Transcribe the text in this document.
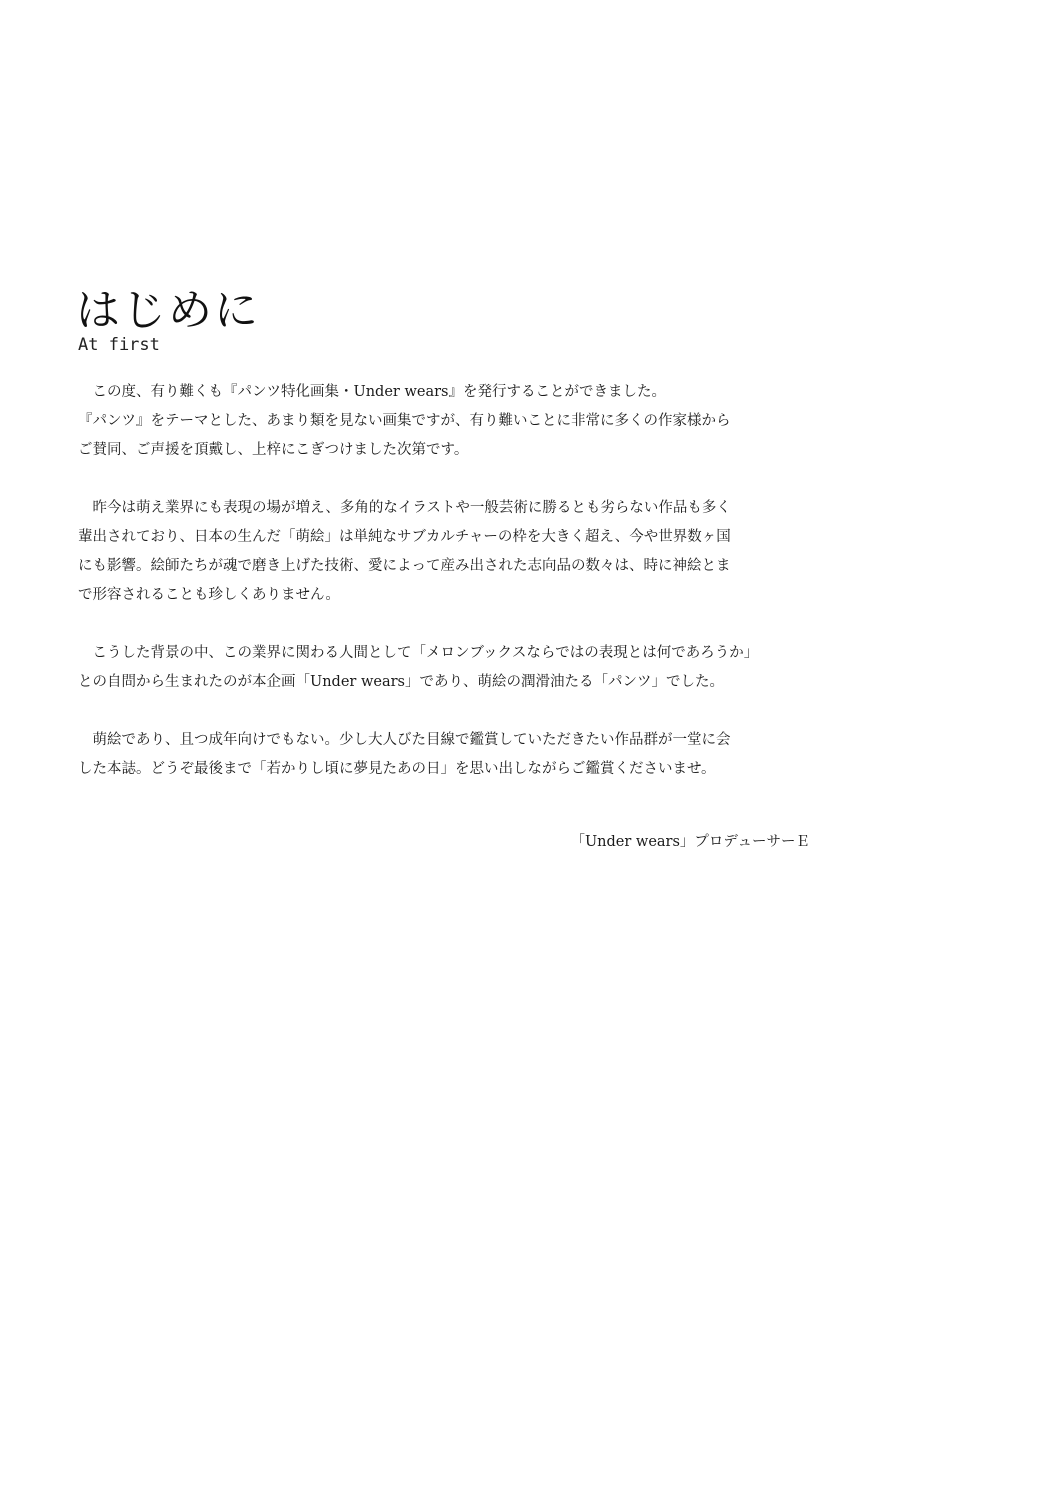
はじめに
At first

　この度、有り難くも『パンツ特化画集・Under wears』を発行することができました。
『パンツ』をテーマとした、あまり類を見ない画集ですが、有り難いことに非常に多くの作家様から
ご賛同、ご声援を頂戴し、上梓にこぎつけました次第です。

　昨今は萌え業界にも表現の場が増え、多角的なイラストや一般芸術に勝るとも劣らない作品も多く
輩出されており、日本の生んだ「萌絵」は単純なサブカルチャーの枠を大きく超え、今や世界数ヶ国
にも影響。絵師たちが魂で磨き上げた技術、愛によって産み出された志向品の数々は、時に神絵とま
で形容されることも珍しくありません。

　こうした背景の中、この業界に関わる人間として「メロンブックスならではの表現とは何であろうか」
との自問から生まれたのが本企画「Under wears」であり、萌絵の潤滑油たる「パンツ」でした。

　萌絵であり、且つ成年向けでもない。少し大人びた目線で鑑賞していただきたい作品群が一堂に会
した本誌。どうぞ最後まで「若かりし頃に夢見たあの日」を思い出しながらご鑑賞くださいませ。

「Under wears」プロデューサーＥ
